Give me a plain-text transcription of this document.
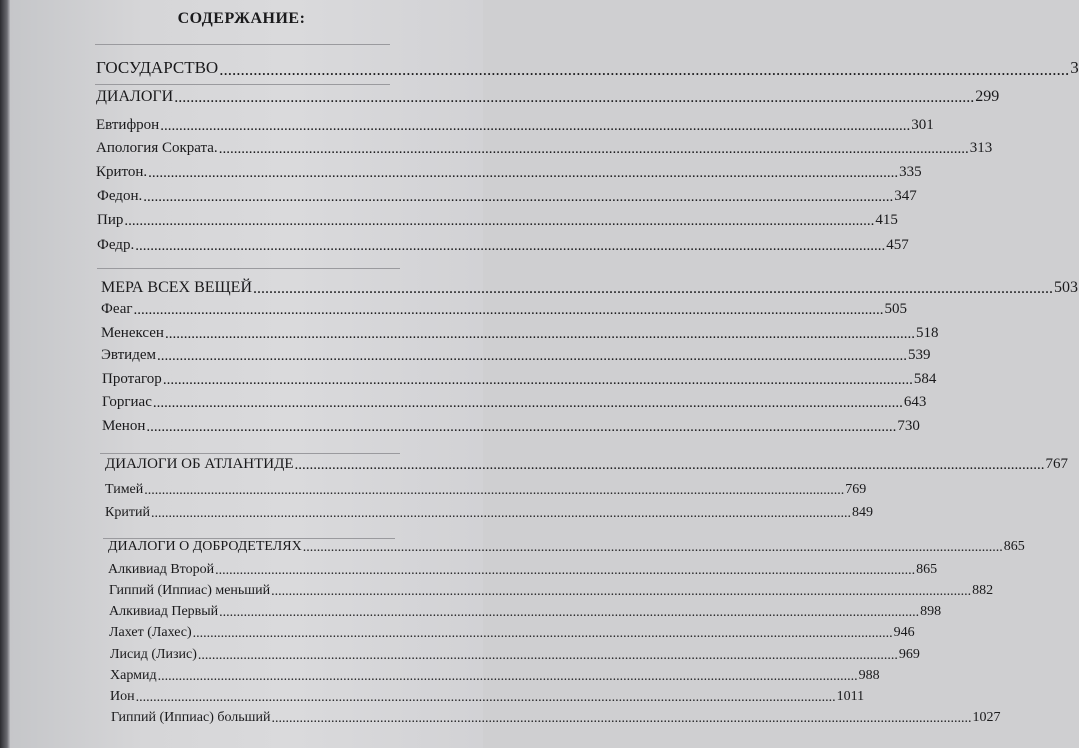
СОДЕРЖАНИЕ:
ГОСУДАРСТВО ........................................................................................................................................................................................................ 3
ДИАЛОГИ ........................................................................................................................................................................................................ 299
Евтифрон ........................................................................................................................................................................................................ 301
Апология Сократа. ........................................................................................................................................................................................................ 313
Критон. ........................................................................................................................................................................................................ 335
Федон. ........................................................................................................................................................................................................ 347
Пир ........................................................................................................................................................................................................ 415
Федр. ........................................................................................................................................................................................................ 457
МЕРА ВСЕХ ВЕЩЕЙ ........................................................................................................................................................................................................ 503
Феаг ........................................................................................................................................................................................................ 505
Менексен ........................................................................................................................................................................................................ 518
Эвтидем ........................................................................................................................................................................................................ 539
Протагор ........................................................................................................................................................................................................ 584
Горгиас ........................................................................................................................................................................................................ 643
Менон ........................................................................................................................................................................................................ 730
ДИАЛОГИ ОБ АТЛАНТИДЕ ........................................................................................................................................................................................................ 767
Тимей ........................................................................................................................................................................................................ 769
Критий ........................................................................................................................................................................................................ 849
ДИАЛОГИ О ДОБРОДЕТЕЛЯХ ........................................................................................................................................................................................................ 865
Алкивиад Второй ........................................................................................................................................................................................................ 865
Гиппий (Иппиас) меньший ........................................................................................................................................................................................................ 882
Алкивиад Первый ........................................................................................................................................................................................................ 898
Лахет (Лахес) ........................................................................................................................................................................................................ 946
Лисид (Лизис) ........................................................................................................................................................................................................ 969
Хармид ........................................................................................................................................................................................................ 988
Ион ........................................................................................................................................................................................................ 1011
Гиппий (Иппиас) больший ........................................................................................................................................................................................................ 1027
